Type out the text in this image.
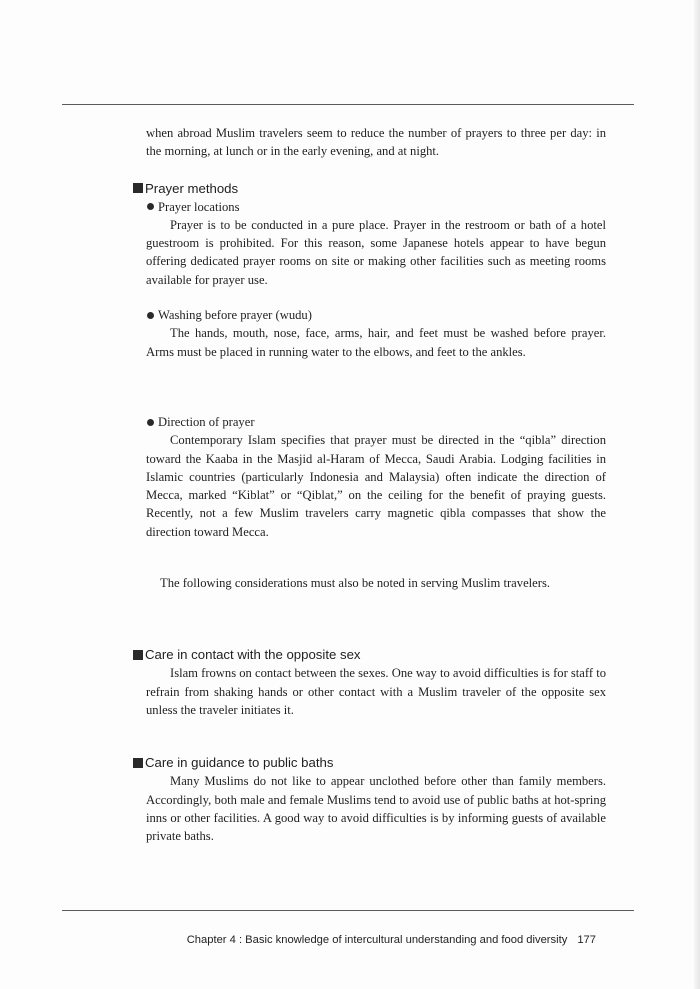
when abroad Muslim travelers seem to reduce the number of prayers to three per day: in the morning, at lunch or in the early evening, and at night.

Prayer methods
Prayer locations

Prayer is to be conducted in a pure place. Prayer in the restroom or bath of a hotel guestroom is prohibited. For this reason, some Japanese hotels appear to have begun offering dedicated prayer rooms on site or making other facilities such as meeting rooms available for prayer use.

Washing before prayer (wudu)

The hands, mouth, nose, face, arms, hair, and feet must be washed before prayer. Arms must be placed in running water to the elbows, and feet to the ankles.

Direction of prayer

Contemporary Islam specifies that prayer must be directed in the “qibla” direction toward the Kaaba in the Masjid al-Haram of Mecca, Saudi Arabia. Lodging facilities in Islamic countries (particularly Indonesia and Malaysia) often indicate the direction of Mecca, marked “Kiblat” or “Qiblat,” on the ceiling for the benefit of praying guests. Recently, not a few Muslim travelers carry magnetic qibla compasses that show the direction toward Mecca.

The following considerations must also be noted in serving Muslim travelers.

Care in contact with the opposite sex

Islam frowns on contact between the sexes. One way to avoid difficulties is for staff to refrain from shaking hands or other contact with a Muslim traveler of the opposite sex unless the traveler initiates it.

Care in guidance to public baths

Many Muslims do not like to appear unclothed before other than family members. Accordingly, both male and female Muslims tend to avoid use of public baths at hot-spring inns or other facilities. A good way to avoid difficulties is by informing guests of available private baths.

Chapter 4 : Basic knowledge of intercultural understanding and food diversity 177
